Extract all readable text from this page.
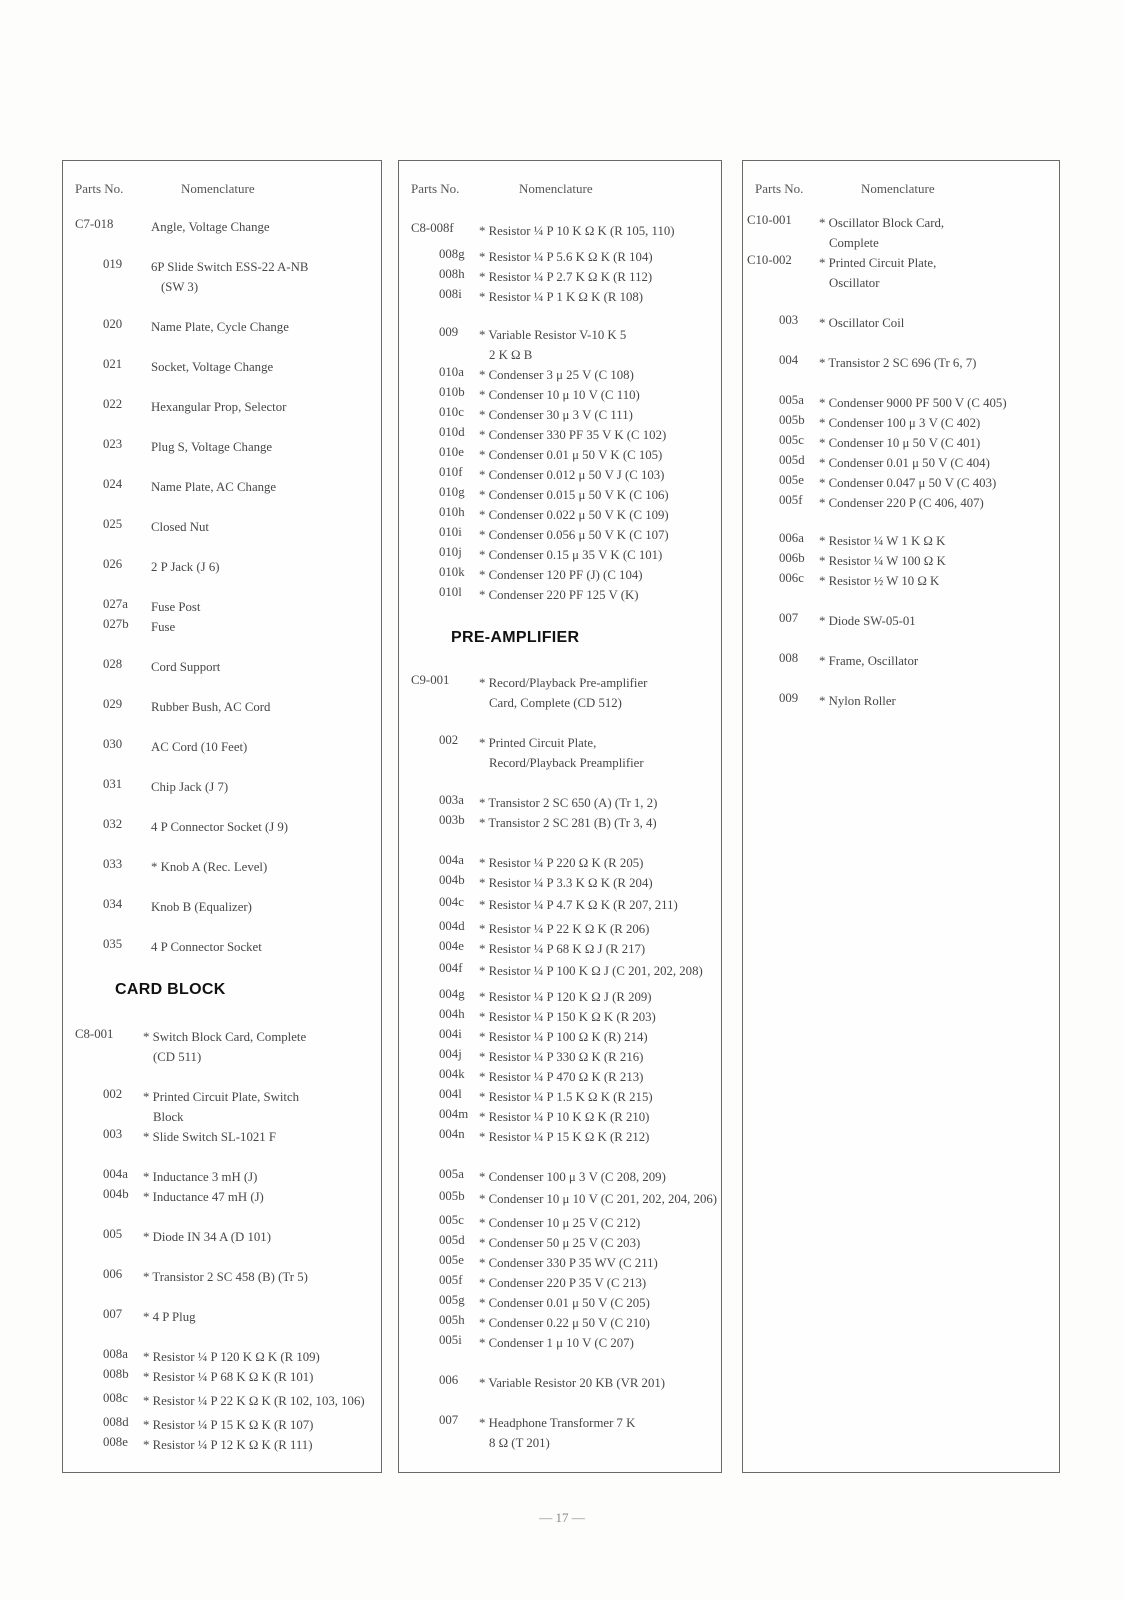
Parts No.	Nomenclature
C7-018	Angle, Voltage Change
019 6P Slide Switch ESS-22 A-NB
(SW 3)
020 Name Plate, Cycle Change
021 Socket, Voltage Change
022 Hexangular Prop, Selector
023 Plug S, Voltage Change
024 Name Plate, AC Change
025 Closed Nut
026 2 P Jack (J 6)
027a Fuse Post
027b Fuse
028 Cord Support
029 Rubber Bush, AC Cord
030 AC Cord (10 Feet)
031 Chip Jack (J 7)
032 4 P Connector Socket (J 9)
033 * Knob A (Rec. Level)
034 Knob B (Equalizer)
035 4 P Connector Socket
CARD BLOCK
C8-001 * Switch Block Card, Complete
(CD 511)
002 * Printed Circuit Plate, Switch
Block
003 * Slide Switch SL-1021 F
004a * Inductance 3 mH (J)
004b * Inductance 47 mH (J)
005 * Diode IN 34 A (D 101)
006 * Transistor 2 SC 458 (B) (Tr 5)
007 * 4 P Plug
008a * Resistor ¼ P 120 K Ω K (R 109)
008b * Resistor ¼ P 68 K Ω K (R 101)
008c * Resistor ¼ P 22 K Ω K (R 102, 103, 106)
008d * Resistor ¼ P 15 K Ω K (R 107)
008e * Resistor ¼ P 12 K Ω K (R 111)
Parts No.	Nomenclature
C8-008f * Resistor ¼ P 10 K Ω K (R 105, 110)
008g * Resistor ¼ P 5.6 K Ω K (R 104)
008h * Resistor ¼ P 2.7 K Ω K (R 112)
008i * Resistor ¼ P 1 K Ω K (R 108)
009 * Variable Resistor V-10 K 5
2 K Ω B
010a * Condenser 3 μ 25 V (C 108)
010b * Condenser 10 μ 10 V (C 110)
010c * Condenser 30 μ 3 V (C 111)
010d * Condenser 330 PF 35 V K (C 102)
010e * Condenser 0.01 μ 50 V K (C 105)
010f * Condenser 0.012 μ 50 V J (C 103)
010g * Condenser 0.015 μ 50 V K (C 106)
010h * Condenser 0.022 μ 50 V K (C 109)
010i * Condenser 0.056 μ 50 V K (C 107)
010j * Condenser 0.15 μ 35 V K (C 101)
010k * Condenser 120 PF (J) (C 104)
010l * Condenser 220 PF 125 V (K)
PRE-AMPLIFIER
C9-001 * Record/Playback Pre-amplifier
Card, Complete (CD 512)
002 * Printed Circuit Plate,
Record/Playback Preamplifier
003a * Transistor 2 SC 650 (A) (Tr 1, 2)
003b * Transistor 2 SC 281 (B) (Tr 3, 4)
004a * Resistor ¼ P 220 Ω K (R 205)
004b * Resistor ¼ P 3.3 K Ω K (R 204)
004c * Resistor ¼ P 4.7 K Ω K (R 207, 211)
004d * Resistor ¼ P 22 K Ω K (R 206)
004e * Resistor ¼ P 68 K Ω J (R 217)
004f * Resistor ¼ P 100 K Ω J (C 201, 202, 208)
004g * Resistor ¼ P 120 K Ω J (R 209)
004h * Resistor ¼ P 150 K Ω K (R 203)
004i * Resistor ¼ P 100 Ω K (R) 214)
004j * Resistor ¼ P 330 Ω K (R 216)
004k * Resistor ¼ P 470 Ω K (R 213)
004l * Resistor ¼ P 1.5 K Ω K (R 215)
004m * Resistor ¼ P 10 K Ω K (R 210)
004n * Resistor ¼ P 15 K Ω K (R 212)
005a * Condenser 100 μ 3 V (C 208, 209)
005b * Condenser 10 μ 10 V (C 201, 202, 204, 206)
005c * Condenser 10 μ 25 V (C 212)
005d * Condenser 50 μ 25 V (C 203)
005e * Condenser 330 P 35 WV (C 211)
005f * Condenser 220 P 35 V (C 213)
005g * Condenser 0.01 μ 50 V (C 205)
005h * Condenser 0.22 μ 50 V (C 210)
005i * Condenser 1 μ 10 V (C 207)
006 * Variable Resistor 20 KB (VR 201)
007 * Headphone Transformer 7 K
8 Ω (T 201)
Parts No.	Nomenclature
C10-001 * Oscillator Block Card,
Complete
C10-002 * Printed Circuit Plate,
Oscillator
003 * Oscillator Coil
004 * Transistor 2 SC 696 (Tr 6, 7)
005a * Condenser 9000 PF 500 V (C 405)
005b * Condenser 100 μ 3 V (C 402)
005c * Condenser 10 μ 50 V (C 401)
005d * Condenser 0.01 μ 50 V (C 404)
005e * Condenser 0.047 μ 50 V (C 403)
005f * Condenser 220 P (C 406, 407)
006a * Resistor ¼ W 1 K Ω K
006b * Resistor ¼ W 100 Ω K
006c * Resistor ½ W 10 Ω K
007 * Diode SW-05-01
008 * Frame, Oscillator
009 * Nylon Roller
— 17 —
